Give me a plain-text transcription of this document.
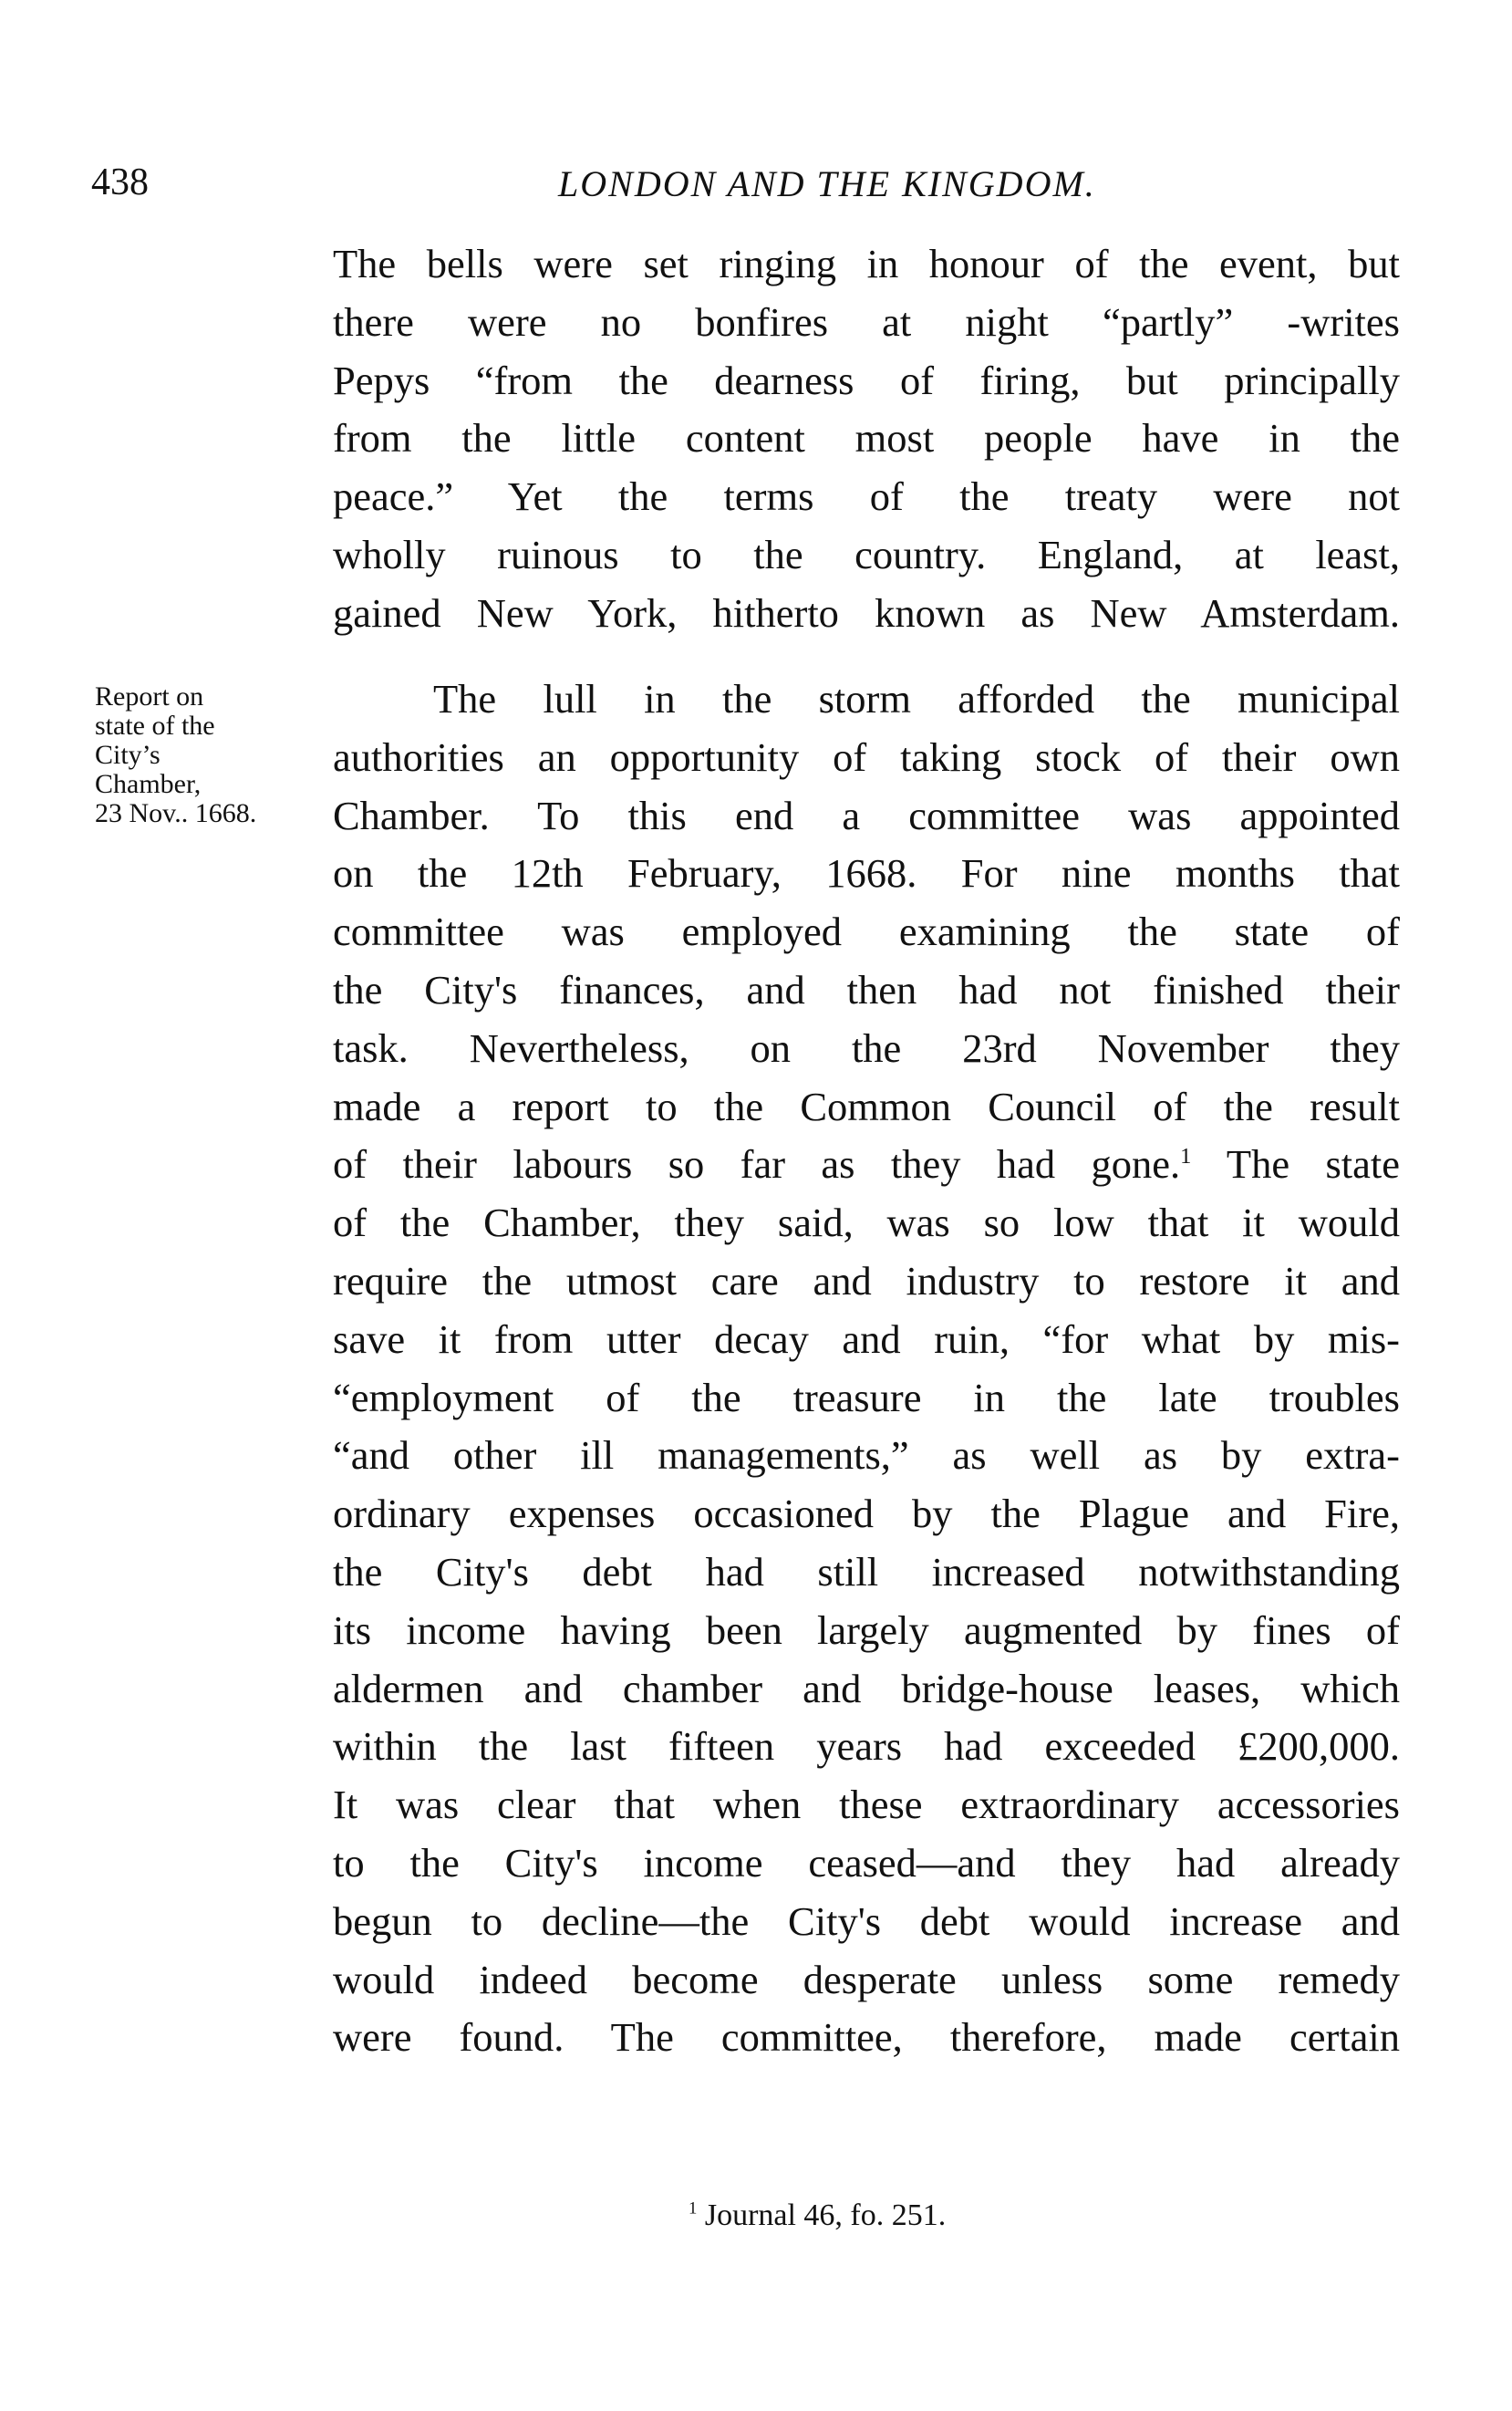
438	LONDON AND THE KINGDOM.
The bells were set ringing in honour of the event, but
there were no bonfires at night “partly” -writes
Pepys “from the dearness of firing, but principally
from the little content most people have in the
peace.” Yet the terms of the treaty were not
wholly ruinous to the country. England, at least,
gained New York, hitherto known as New Amsterdam.
Report on
state of the
City’s
Chamber,
23 Nov.. 1668.
The lull in the storm afforded the municipal
authorities an opportunity of taking stock of their own
Chamber. To this end a committee was appointed
on the 12th February, 1668. For nine months that
committee was employed examining the state of
the City's finances, and then had not finished their
task. Nevertheless, on the 23rd November they
made a report to the Common Council of the result
of their labours so far as they had gone.$^1$ The state
of the Chamber, they said, was so low that it would
require the utmost care and industry to restore it and
save it from utter decay and ruin, “for what by mis-
“employment of the treasure in the late troubles
“and other ill managements,” as well as by extra-
ordinary expenses occasioned by the Plague and Fire,
the City's debt had still increased notwithstanding
its income having been largely augmented by fines of
aldermen and chamber and bridge-house leases, which
within the last fifteen years had exceeded £200,000.
It was clear that when these extraordinary accessories
to the City's income ceased—and they had already
begun to decline—the City's debt would increase and
would indeed become desperate unless some remedy
were found. The committee, therefore, made certain
$^1$ Journal 46, fo. 251.
